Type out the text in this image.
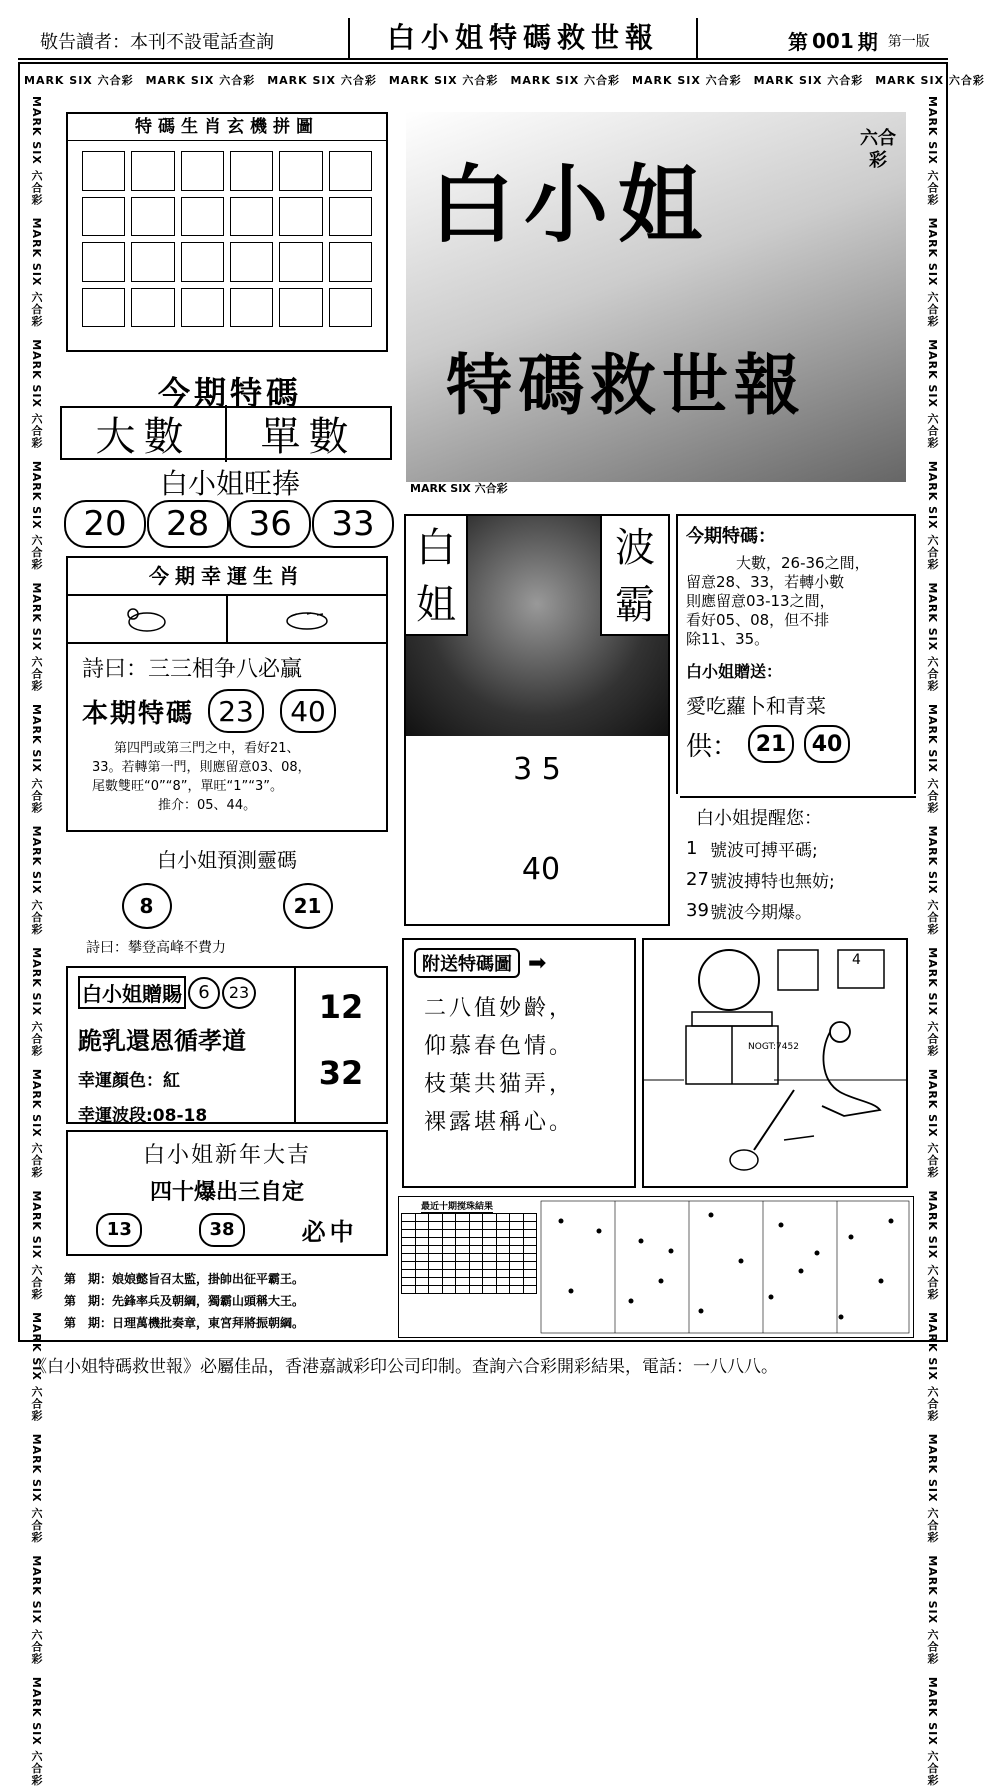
敬告讀者：本刊不設電話查詢	白小姐特碼救世報	第 001 期 第一版
MARK SIX 六合彩　 MARK SIX 六合彩　 MARK SIX 六合彩　 MARK SIX 六合彩　 MARK SIX 六合彩　 MARK SIX 六合彩　 MARK SIX 六合彩　 MARK SIX 六合彩
MARK SIX 六合彩　MARK SIX 六合彩　MARK SIX 六合彩　MARK SIX 六合彩　MARK SIX 六合彩　MARK SIX 六合彩　MARK SIX 六合彩　MARK SIX 六合彩　MARK SIX 六合彩　MARK SIX 六合彩　MARK SIX 六合彩　MARK SIX 六合彩　MARK SIX 六合彩　MARK SIX 六合彩
MARK SIX 六合彩　MARK SIX 六合彩　MARK SIX 六合彩　MARK SIX 六合彩　MARK SIX 六合彩　MARK SIX 六合彩　MARK SIX 六合彩　MARK SIX 六合彩　MARK SIX 六合彩　MARK SIX 六合彩　MARK SIX 六合彩　MARK SIX 六合彩　MARK SIX 六合彩　MARK SIX 六合彩
特碼生肖玄機拼圖
今期特碼
大數	單數
白小姐旺捧
20	28	36	33
今期幸運生肖
詩曰：三三相争八必贏
本期特碼 23	40
第四門或第三門之中，看好21、
33。若轉第一門，則應留意03、08，
尾數雙旺“0”“8”，單旺“1”“3”。
推介：05、44。
白小姐預測靈碼
8	21
詩曰：攀登高峰不費力
白小姐贈賜 6	23
跪乳還恩循孝道
幸運顏色：紅
幸運波段:08-18
12
32
白小姐新年大吉
四十爆出三自定
13	38	必中
第　期：娘娘懿旨召太監，掛帥出征平霸王。
第　期：先鋒率兵及朝綱，獨霸山頭稱大王。
第　期：日理萬機批奏章，東宮拜將振朝綱。
白 小 姐
六合彩
特碼救世報
MARK SIX 六合彩
白
姐
波
霸
3 5
40
今期特碼：
大數，26-36之間，
留意28、33，若轉小數
則應留意03-13之間，
看好05、08，但不排
除11、35。
白小姐贈送：
愛吃蘿卜和青菜
供： 21	40
白小姐提醒您：
1 號波可搏平碼;
27 號波搏特也無妨;
39 號波今期爆。
附送特碼圖 ➡
二八值妙齡，
仰慕春色情。
枝葉共猫弄，
裸露堪稱心。
NOGT:7452
4
最近十期搅珠結果

《白小姐特碼救世報》必屬佳品，香港嘉誠彩印公司印制。查詢六合彩開彩結果，電話：一八八八。
